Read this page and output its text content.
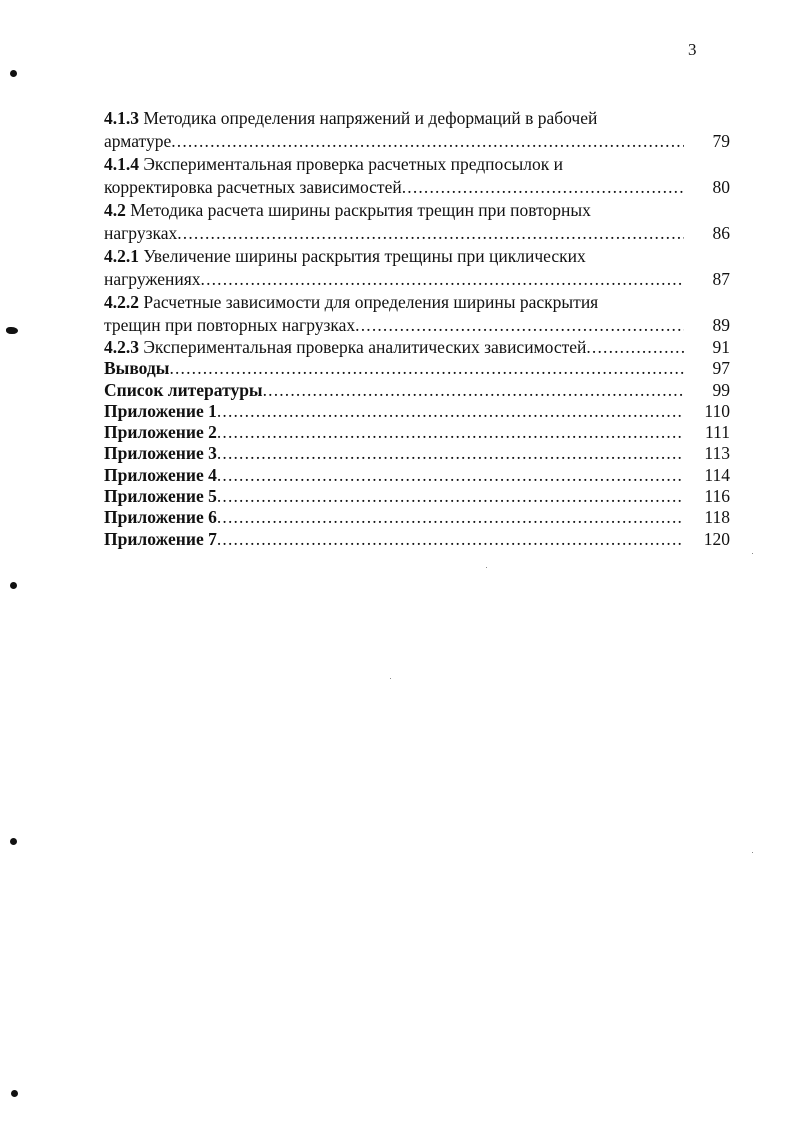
3
4.1.3 Методика определения напряжений и деформаций в рабочей
арматуре . . .	79
4.1.4 Экспериментальная проверка расчетных предпосылок и
корректировка расчетных зависимостей . . .	80
4.2 Методика расчета ширины раскрытия трещин при повторных
нагрузках . . .	86
4.2.1 Увеличение ширины раскрытия трещины при циклических
нагружениях . . .	87
4.2.2 Расчетные зависимости для определения ширины раскрытия
трещин при повторных нагрузках . . .	89
4.2.3 Экспериментальная проверка аналитических зависимостей . . .	91
Выводы . . .	97
Список литературы . . .	99
Приложение 1 . . .	110
Приложение 2 . . .	111
Приложение 3 . . .	113
Приложение 4 . . .	114
Приложение 5 . . .	116
Приложение 6 . . .	118
Приложение 7 . . .	120
